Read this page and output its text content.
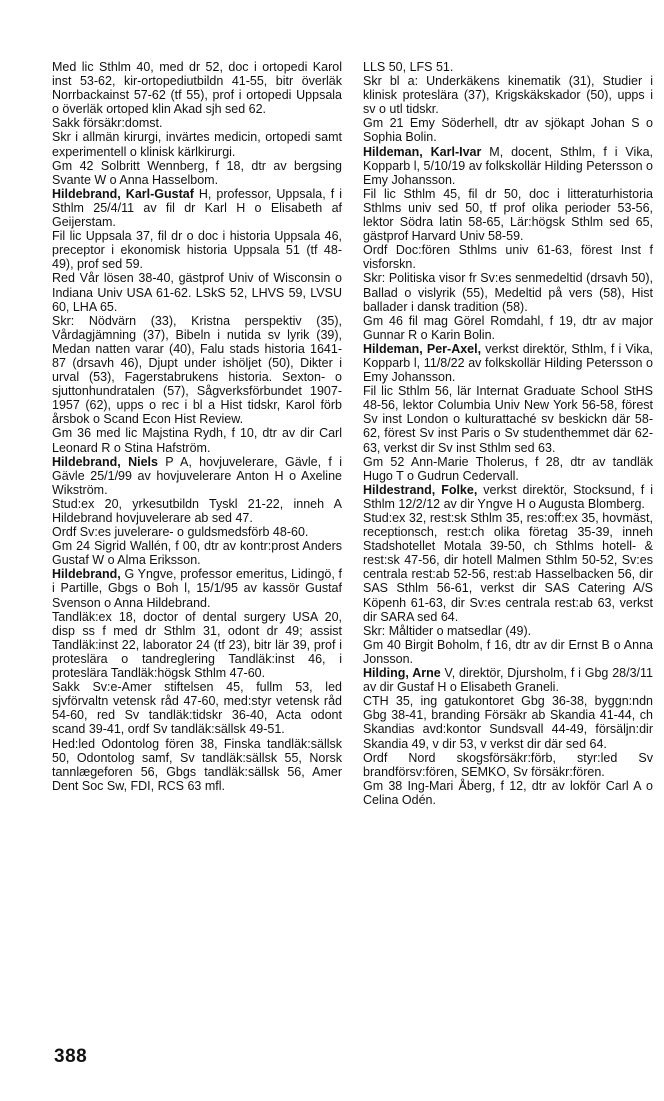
Med lic Sthlm 40, med dr 52, doc i ortopedi Karol inst 53-62, kir-ortopediutbildn 41-55, bitr överläk Norrbackainst 57-62 (tf 55), prof i ortopedi Uppsala o överläk ortoped klin Akad sjh sed 62.

Sakk försäkr:domst.

Skr i allmän kirurgi, invärtes medicin, ortopedi samt experimentell o klinisk kärlkirurgi.

Gm 42 Solbritt Wennberg, f 18, dtr av bergsing Svante W o Anna Hasselbom.

Hildebrand, Karl-Gustaf H, professor, Uppsala, f i Sthlm 25/4/11 av fil dr Karl H o Elisabeth af Geijerstam.

Fil lic Uppsala 37, fil dr o doc i historia Uppsala 46, preceptor i ekonomisk historia Uppsala 51 (tf 48-49), prof sed 59.

Red Vår lösen 38-40, gästprof Univ of Wisconsin o Indiana Univ USA 61-62. LSkS 52, LHVS 59, LVSU 60, LHA 65.

Skr: Nödvärn (33), Kristna perspektiv (35), Vårdagjämning (37), Bibeln i nutida sv lyrik (39), Medan natten varar (40), Falu stads historia 1641-87 (drsavh 46), Djupt under ishöljet (50), Dikter i urval (53), Fagerstabrukens historia. Sexton- o sjuttonhundratalen (57), Sågverksförbundet 1907-1957 (62), upps o rec i bl a Hist tidskr, Karol förb årsbok o Scand Econ Hist Review.

Gm 36 med lic Majstina Rydh, f 10, dtr av dir Carl Leonard R o Stina Hafström.

Hildebrand, Niels P A, hovjuvelerare, Gävle, f i Gävle 25/1/99 av hovjuvelerare Anton H o Axeline Wikström.

Stud:ex 20, yrkesutbildn Tyskl 21-22, inneh A Hildebrand hovjuvelerare ab sed 47.

Ordf Sv:es juvelerare- o guldsmedsförb 48-60.

Gm 24 Sigrid Wallén, f 00, dtr av kontr:prost Anders Gustaf W o Alma Eriksson.

Hildebrand, G Yngve, professor emeritus, Lidingö, f i Partille, Gbgs o Boh l, 15/1/95 av kassör Gustaf Svenson o Anna Hildebrand.

Tandläk:ex 18, doctor of dental surgery USA 20, disp ss f med dr Sthlm 31, odont dr 49; assist Tandläk:inst 22, laborator 24 (tf 23), bitr lär 39, prof i proteslära o tandreglering Tandläk:inst 46, i proteslära Tandläk:högsk Sthlm 47-60.

Sakk Sv:e-Amer stiftelsen 45, fullm 53, led sjvförvaltn vetensk råd 47-60, med:styr vetensk råd 54-60, red Sv tandläk:tidskr 36-40, Acta odont scand 39-41, ordf Sv tandläk:sällsk 49-51.

Hed:led Odontolog fören 38, Finska tandläk:sällsk 50, Odontolog samf, Sv tandläk:sällsk 55, Norsk tannlægeforen 56, Gbgs tandläk:sällsk 56, Amer Dent Soc Sw, FDI, RCS 63 mfl.

LLS 50, LFS 51.

Skr bl a: Underkäkens kinematik (31), Studier i klinisk proteslära (37), Krigskäkskador (50), upps i sv o utl tidskr.

Gm 21 Emy Söderhell, dtr av sjökapt Johan S o Sophia Bolin.

Hildeman, Karl-Ivar M, docent, Sthlm, f i Vika, Kopparb l, 5/10/19 av folkskollär Hilding Petersson o Emy Johansson.

Fil lic Sthlm 45, fil dr 50, doc i litteraturhistoria Sthlms univ sed 50, tf prof olika perioder 53-56, lektor Södra latin 58-65, Lär:högsk Sthlm sed 65, gästprof Harvard Univ 58-59.

Ordf Doc:fören Sthlms univ 61-63, förest Inst f visforskn.

Skr: Politiska visor fr Sv:es senmedeltid (drsavh 50), Ballad o vislyrik (55), Medeltid på vers (58), Hist ballader i dansk tradition (58).

Gm 46 fil mag Görel Romdahl, f 19, dtr av major Gunnar R o Karin Bolin.

Hildeman, Per-Axel, verkst direktör, Sthlm, f i Vika, Kopparb l, 11/8/22 av folkskollär Hilding Petersson o Emy Johansson.

Fil lic Sthlm 56, lär Internat Graduate School StHS 48-56, lektor Columbia Univ New York 56-58, förest Sv inst London o kulturattaché sv beskickn där 58-62, förest Sv inst Paris o Sv studenthemmet där 62-63, verkst dir Sv inst Sthlm sed 63.

Gm 52 Ann-Marie Tholerus, f 28, dtr av tandläk Hugo T o Gudrun Cedervall.

Hildestrand, Folke, verkst direktör, Stocksund, f i Sthlm 12/2/12 av dir Yngve H o Augusta Blomberg.

Stud:ex 32, rest:sk Sthlm 35, res:off:ex 35, hovmäst, receptionsch, rest:ch olika företag 35-39, inneh Stadshotellet Motala 39-50, ch Sthlms hotell- & rest:sk 47-56, dir hotell Malmen Sthlm 50-52, Sv:es centrala rest:ab 52-56, rest:ab Hasselbacken 56, dir SAS Sthlm 56-61, verkst dir SAS Catering A/S Köpenh 61-63, dir Sv:es centrala rest:ab 63, verkst dir SARA sed 64.

Skr: Måltider o matsedlar (49).

Gm 40 Birgit Boholm, f 16, dtr av dir Ernst B o Anna Jonsson.

Hilding, Arne V, direktör, Djursholm, f i Gbg 28/3/11 av dir Gustaf H o Elisabeth Graneli.

CTH 35, ing gatukontoret Gbg 36-38, byggn:ndn Gbg 38-41, branding Försäkr ab Skandia 41-44, ch Skandias avd:kontor Sundsvall 44-49, försäljn:dir Skandia 49, v dir 53, v verkst dir där sed 64.

Ordf Nord skogsförsäkr:förb, styr:led Sv brandförsv:fören, SEMKO, Sv försäkr:fören.

Gm 38 Ing-Mari Åberg, f 12, dtr av lokför Carl A o Celina Odén.

388
